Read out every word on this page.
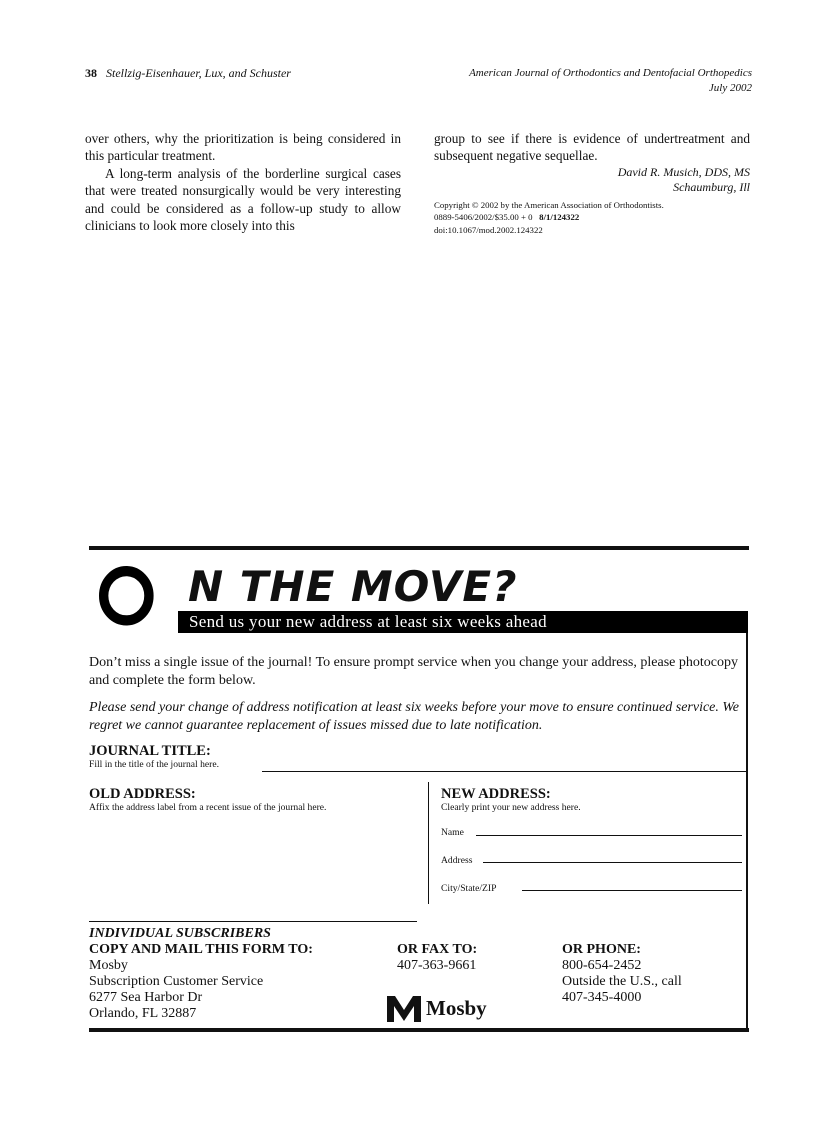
38 Stellzig-Eisenhauer, Lux, and Schuster	American Journal of Orthodontics and Dentofacial Orthopedics
July 2002

over others, why the prioritization is being considered in this particular treatment.

A long-term analysis of the borderline surgical cases that were treated nonsurgically would be very interesting and could be considered as a follow-up study to allow clinicians to look more closely into this

group to see if there is evidence of undertreatment and subsequent negative sequellae.

David R. Musich, DDS, MS
Schaumburg, Ill
Copyright © 2002 by the American Association of Orthodontists.
0889-5406/2002/$35.00 + 0 8/1/124322
doi:10.1067/mod.2002.124322
N THE MOVE?
Send us your new address at least six weeks ahead
Don’t miss a single issue of the journal! To ensure prompt service when you change your address, please photocopy and complete the form below.
Please send your change of address notification at least six weeks before your move to ensure continued service. We regret we cannot guarantee replacement of issues missed due to late notification.
JOURNAL TITLE:
Fill in the title of the journal here.
OLD ADDRESS:
Affix the address label from a recent issue of the journal here.
NEW ADDRESS:
Clearly print your new address here.
Name
Address
City/State/ZIP
INDIVIDUAL SUBSCRIBERS
COPY AND MAIL THIS FORM TO:
Mosby
Subscription Customer Service
6277 Sea Harbor Dr
Orlando, FL 32887
OR FAX TO:
407-363-9661
OR PHONE:
800-654-2452
Outside the U.S., call
407-345-4000
Mosby
